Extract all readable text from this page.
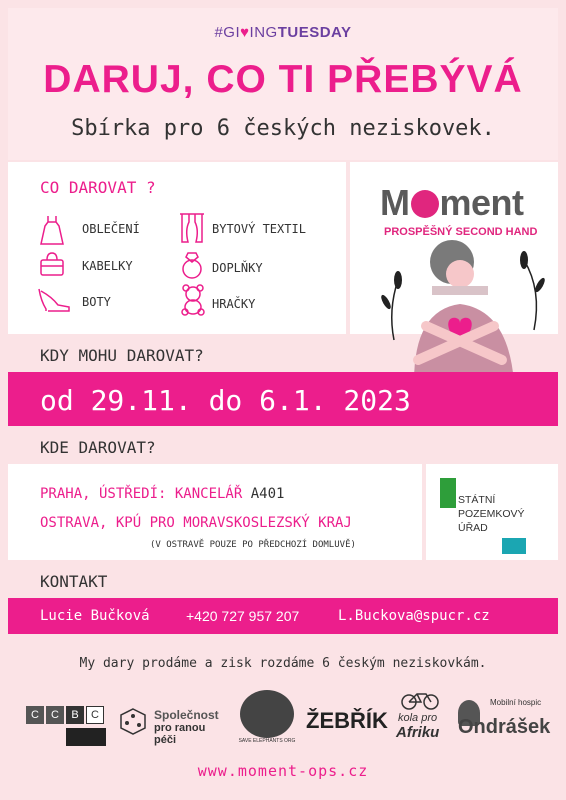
#GI♥INGTUESDAY
DARUJ, CO TI PŘEBÝVÁ
Sbírka pro 6 českých neziskovek.
CO DAROVAT ?
OBLEČENÍ	BYTOVÝ TEXTIL
KABELKY	DOPLŇKY
BOTY	HRAČKY
M ment
PROSPĚŠNÝ SECOND HAND
KDY MOHU DAROVAT?
od 29.11. do 6.1. 2023
KDE DAROVAT?
PRAHA, ÚSTŘEDÍ: KANCELÁŘ A401
OSTRAVA, KPÚ PRO MORAVSKOSLEZSKÝ KRAJ
(V OSTRAVĚ POUZE PO PŘEDCHOZÍ DOMLUVĚ)
STÁTNÍ
POZEMKOVÝ
ÚŘAD
KONTAKT
Lucie Bučková	+420 727 957 207	L.Buckova@spucr.cz
My dary prodáme a zisk rozdáme 6 českým neziskovkám.
C	C	B	C	Společnost
pro ranou péči	SAVE ELEPHANTS ORG
ŽEBŘÍK kola pro
Afriku
Mobilní hospic
Ondrášek
www.moment-ops.cz
